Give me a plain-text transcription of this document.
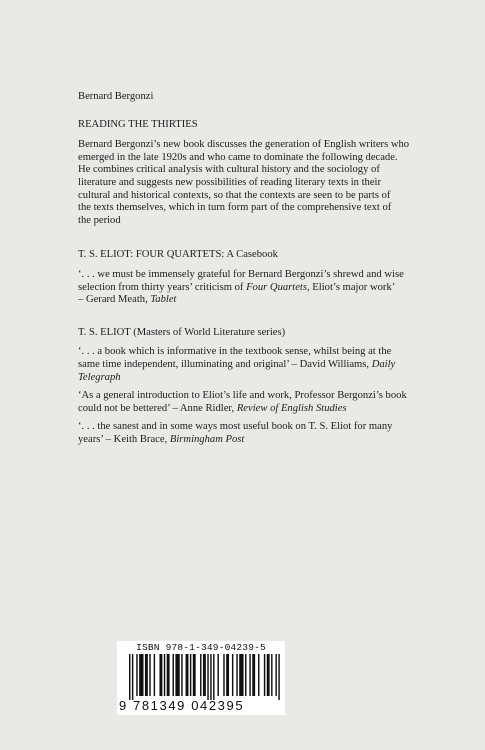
Bernard Bergonzi

READING THE THIRTIES

Bernard Bergonzi’s new book discusses the generation of English writers who
emerged in the late 1920s and who came to dominate the following decade.
He combines critical analysis with cultural history and the sociology of
literature and suggests new possibilities of reading literary texts in their
cultural and historical contexts, so that the contexts are seen to be parts of
the texts themselves, which in turn form part of the comprehensive text of
the period

T. S. ELIOT: FOUR QUARTETS: A Casebook

‘. . . we must be immensely grateful for Bernard Bergonzi’s shrewd and wise
selection from thirty years’ criticism of Four Quartets, Eliot’s major work’
– Gerard Meath, Tablet

T. S. ELIOT (Masters of World Literature series)

‘. . . a book which is informative in the textbook sense, whilst being at the
same time independent, illuminating and original’ – David Williams, Daily
Telegraph
‘As a general introduction to Eliot’s life and work, Professor Bergonzi’s book
could not be bettered’ – Anne Ridler, Review of English Studies
‘. . . the sanest and in some ways most useful book on T. S. Eliot for many
years’ – Keith Brace, Birmingham Post
ISBN 978-1-349-04239-5
9 781349 042395
